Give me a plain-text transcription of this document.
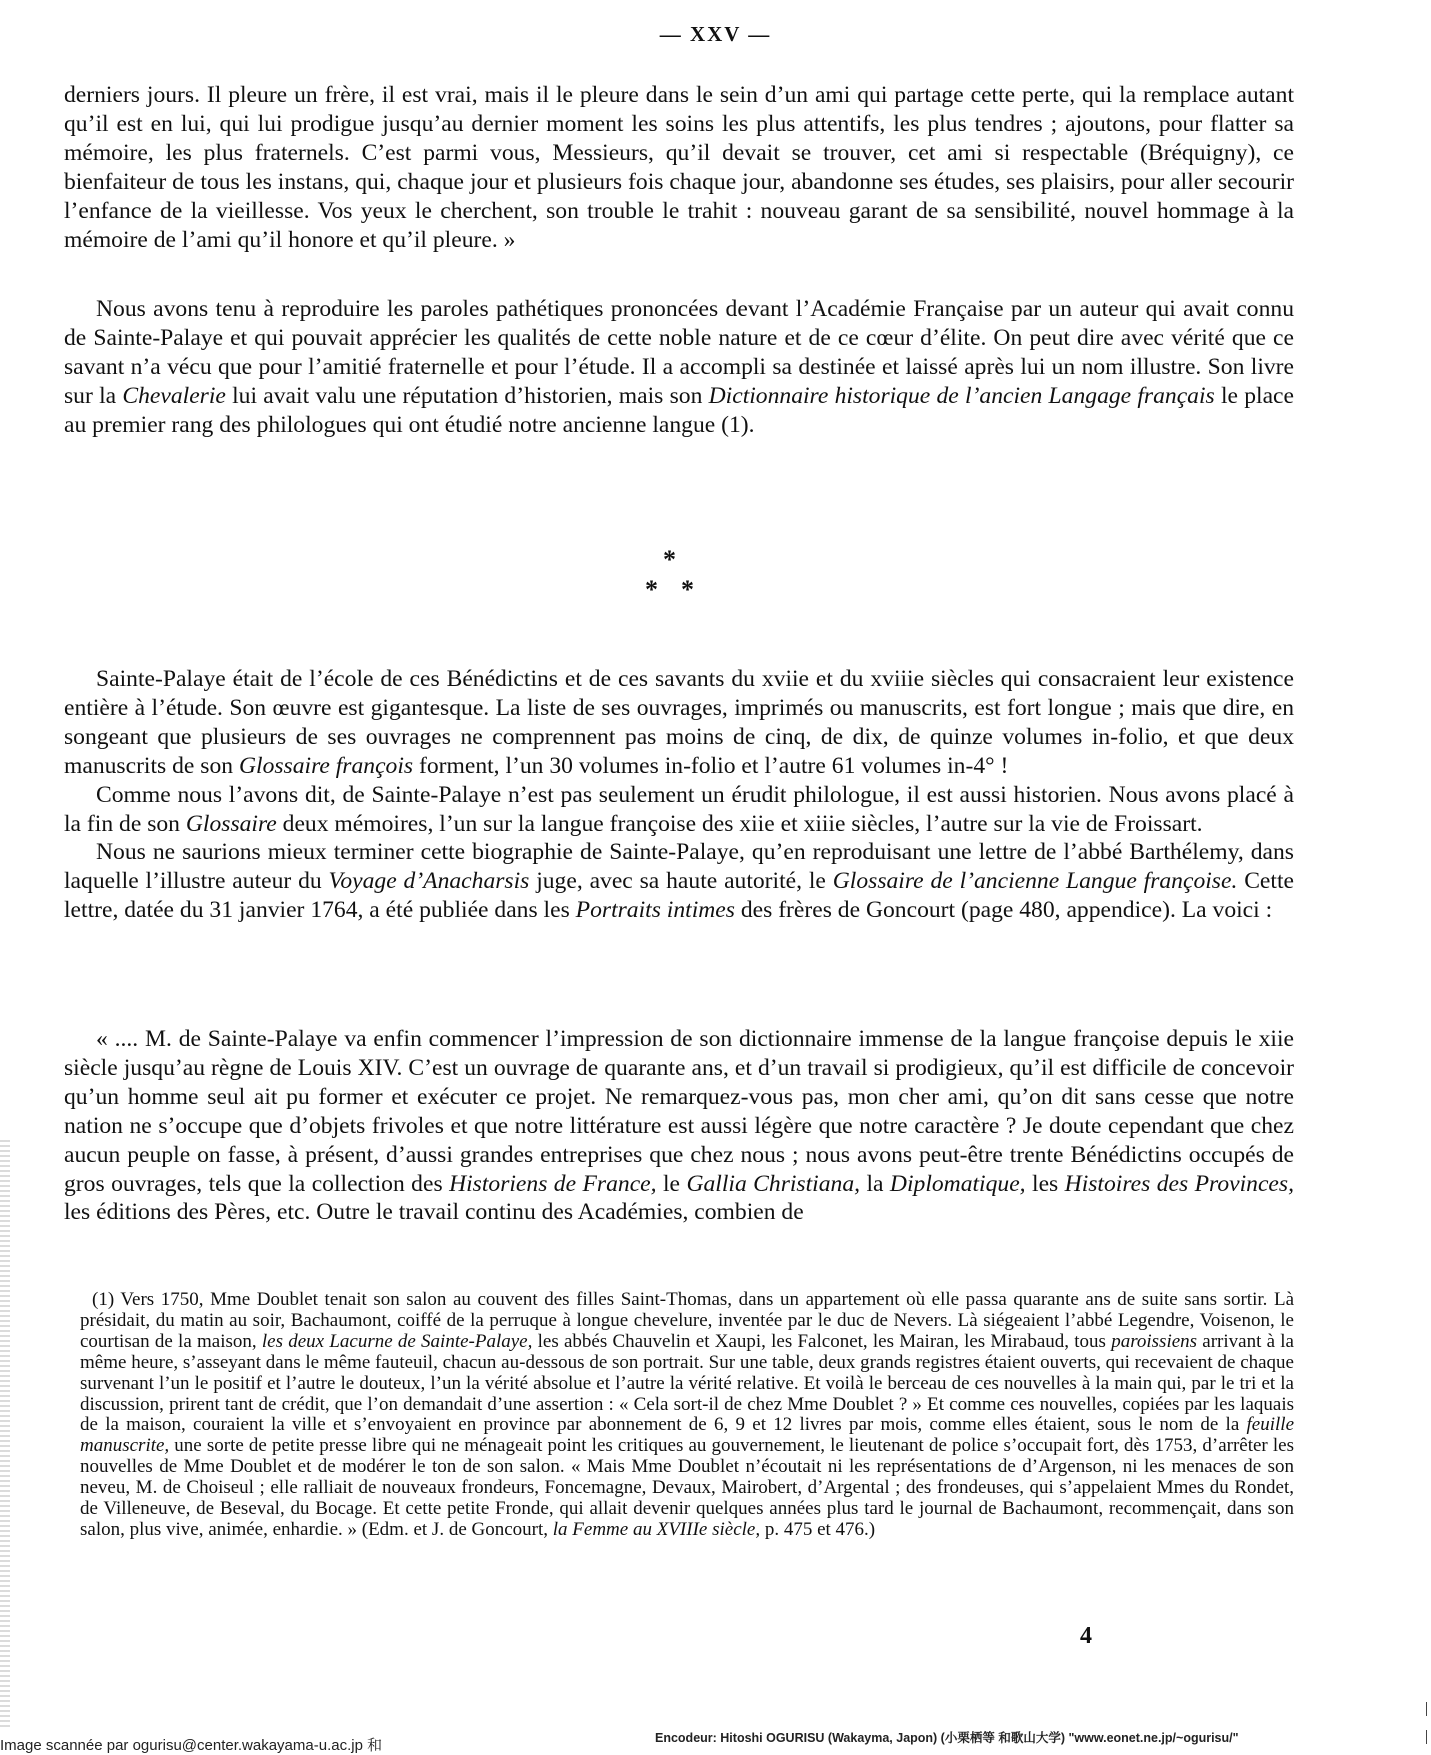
— XXV —

derniers jours. Il pleure un frère, il est vrai, mais il le pleure dans le sein d’un ami qui partage cette perte, qui la remplace autant qu’il est en lui, qui lui prodigue jusqu’au dernier moment les soins les plus attentifs, les plus tendres ; ajoutons, pour flatter sa mémoire, les plus fraternels. C’est parmi vous, Messieurs, qu’il devait se trouver, cet ami si respectable (Bréquigny), ce bienfaiteur de tous les instans, qui, chaque jour et plusieurs fois chaque jour, abandonne ses études, ses plaisirs, pour aller secourir l’enfance de la vieillesse. Vos yeux le cherchent, son trouble le trahit : nouveau garant de sa sensibilité, nouvel hommage à la mémoire de l’ami qu’il honore et qu’il pleure. »

Nous avons tenu à reproduire les paroles pathétiques prononcées devant l’Académie Française par un auteur qui avait connu de Sainte-Palaye et qui pouvait apprécier les qualités de cette noble nature et de ce cœur d’élite. On peut dire avec vérité que ce savant n’a vécu que pour l’amitié fraternelle et pour l’étude. Il a accompli sa destinée et laissé après lui un nom illustre. Son livre sur la Chevalerie lui avait valu une réputation d’historien, mais son Dictionnaire historique de l’ancien Langage français le place au premier rang des philologues qui ont étudié notre ancienne langue (1).

*
* *

Sainte-Palaye était de l’école de ces Bénédictins et de ces savants du xviie et du xviiie siècles qui consacraient leur existence entière à l’étude. Son œuvre est gigantesque. La liste de ses ouvrages, imprimés ou manuscrits, est fort longue ; mais que dire, en songeant que plusieurs de ses ouvrages ne comprennent pas moins de cinq, de dix, de quinze volumes in-folio, et que deux manuscrits de son Glossaire françois forment, l’un 30 volumes in-folio et l’autre 61 volumes in-4° !

Comme nous l’avons dit, de Sainte-Palaye n’est pas seulement un érudit philologue, il est aussi historien. Nous avons placé à la fin de son Glossaire deux mémoires, l’un sur la langue françoise des xiie et xiiie siècles, l’autre sur la vie de Froissart.

Nous ne saurions mieux terminer cette biographie de Sainte-Palaye, qu’en reproduisant une lettre de l’abbé Barthélemy, dans laquelle l’illustre auteur du Voyage d’Anacharsis juge, avec sa haute autorité, le Glossaire de l’ancienne Langue françoise. Cette lettre, datée du 31 janvier 1764, a été publiée dans les Portraits intimes des frères de Goncourt (page 480, appendice). La voici :

« .... M. de Sainte-Palaye va enfin commencer l’impression de son dictionnaire immense de la langue françoise depuis le xiie siècle jusqu’au règne de Louis XIV. C’est un ouvrage de quarante ans, et d’un travail si prodigieux, qu’il est difficile de concevoir qu’un homme seul ait pu former et exécuter ce projet. Ne remarquez-vous pas, mon cher ami, qu’on dit sans cesse que notre nation ne s’occupe que d’objets frivoles et que notre littérature est aussi légère que notre caractère ? Je doute cependant que chez aucun peuple on fasse, à présent, d’aussi grandes entreprises que chez nous ; nous avons peut-être trente Bénédictins occupés de gros ouvrages, tels que la collection des Historiens de France, le Gallia Christiana, la Diplomatique, les Histoires des Provinces, les éditions des Pères, etc. Outre le travail continu des Académies, combien de

(1) Vers 1750, Mme Doublet tenait son salon au couvent des filles Saint-Thomas, dans un appartement où elle passa quarante ans de suite sans sortir. Là présidait, du matin au soir, Bachaumont, coiffé de la perruque à longue chevelure, inventée par le duc de Nevers. Là siégeaient l’abbé Legendre, Voisenon, le courtisan de la maison, les deux Lacurne de Sainte-Palaye, les abbés Chauvelin et Xaupi, les Falconet, les Mairan, les Mirabaud, tous paroissiens arrivant à la même heure, s’asseyant dans le même fauteuil, chacun au-dessous de son portrait. Sur une table, deux grands registres étaient ouverts, qui recevaient de chaque survenant l’un le positif et l’autre le douteux, l’un la vérité absolue et l’autre la vérité relative. Et voilà le berceau de ces nouvelles à la main qui, par le tri et la discussion, prirent tant de crédit, que l’on demandait d’une assertion : « Cela sort-il de chez Mme Doublet ? » Et comme ces nouvelles, copiées par les laquais de la maison, couraient la ville et s’envoyaient en province par abonnement de 6, 9 et 12 livres par mois, comme elles étaient, sous le nom de la feuille manuscrite, une sorte de petite presse libre qui ne ménageait point les critiques au gouvernement, le lieutenant de police s’occupait fort, dès 1753, d’arrêter les nouvelles de Mme Doublet et de modérer le ton de son salon. « Mais Mme Doublet n’écoutait ni les représentations de d’Argenson, ni les menaces de son neveu, M. de Choiseul ; elle ralliait de nouveaux frondeurs, Foncemagne, Devaux, Mairobert, d’Argental ; des frondeuses, qui s’appelaient Mmes du Rondet, de Villeneuve, de Beseval, du Bocage. Et cette petite Fronde, qui allait devenir quelques années plus tard le journal de Bachaumont, recommençait, dans son salon, plus vive, animée, enhardie. » (Edm. et J. de Goncourt, la Femme au XVIIIe siècle, p. 475 et 476.)

4
Encodeur: Hitoshi OGURISU (Wakayma, Japon) (小栗栖等 和歌山大学) "www.eonet.ne.jp/~ogurisu/"
Image scannée par ogurisu@center.wakayama-u.ac.jp 和
